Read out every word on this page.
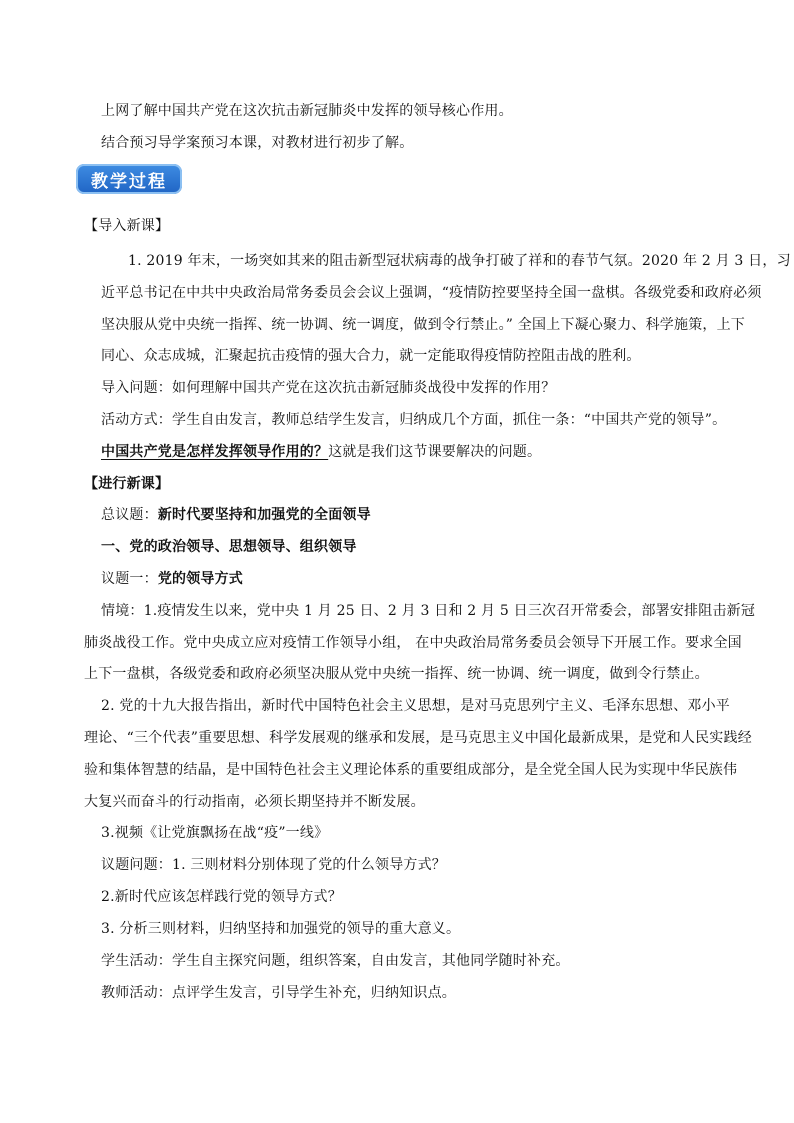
上网了解中国共产党在这次抗击新冠肺炎中发挥的领导核心作用。
结合预习导学案预习本课，对教材进行初步了解。
教学过程
【导入新课】
1. 2019 年末，一场突如其来的阻击新型冠状病毒的战争打破了祥和的春节气氛。2020 年 2 月 3 日，习
近平总书记在中共中央政治局常务委员会会议上强调，“疫情防控要坚持全国一盘棋。各级党委和政府必须
坚决服从党中央统一指挥、统一协调、统一调度，做到令行禁止。” 全国上下凝心聚力、科学施策，上下
同心、众志成城，汇聚起抗击疫情的强大合力，就一定能取得疫情防控阻击战的胜利。
导入问题：如何理解中国共产党在这次抗击新冠肺炎战役中发挥的作用？
活动方式：学生自由发言，教师总结学生发言，归纳成几个方面，抓住一条：“中国共产党的领导”。
中国共产党是怎样发挥领导作用的？这就是我们这节课要解决的问题。
【进行新课】
总议题：新时代要坚持和加强党的全面领导
一、党的政治领导、思想领导、组织领导
议题一：党的领导方式
情境：1.疫情发生以来，党中央 1 月 25 日、2 月 3 日和 2 月 5 日三次召开常委会，部署安排阻击新冠
肺炎战役工作。党中央成立应对疫情工作领导小组， 在中央政治局常务委员会领导下开展工作。要求全国
上下一盘棋，各级党委和政府必须坚决服从党中央统一指挥、统一协调、统一调度，做到令行禁止。
2. 党的十九大报告指出，新时代中国特色社会主义思想，是对马克思列宁主义、毛泽东思想、邓小平
理论、“三个代表”重要思想、科学发展观的继承和发展，是马克思主义中国化最新成果，是党和人民实践经
验和集体智慧的结晶，是中国特色社会主义理论体系的重要组成部分，是全党全国人民为实现中华民族伟
大复兴而奋斗的行动指南，必须长期坚持并不断发展。
3.视频《让党旗飘扬在战“疫”一线》
议题问题：1. 三则材料分别体现了党的什么领导方式？
2.新时代应该怎样践行党的领导方式？
3. 分析三则材料，归纳坚持和加强党的领导的重大意义。
学生活动：学生自主探究问题，组织答案，自由发言，其他同学随时补充。
教师活动：点评学生发言，引导学生补充，归纳知识点。
